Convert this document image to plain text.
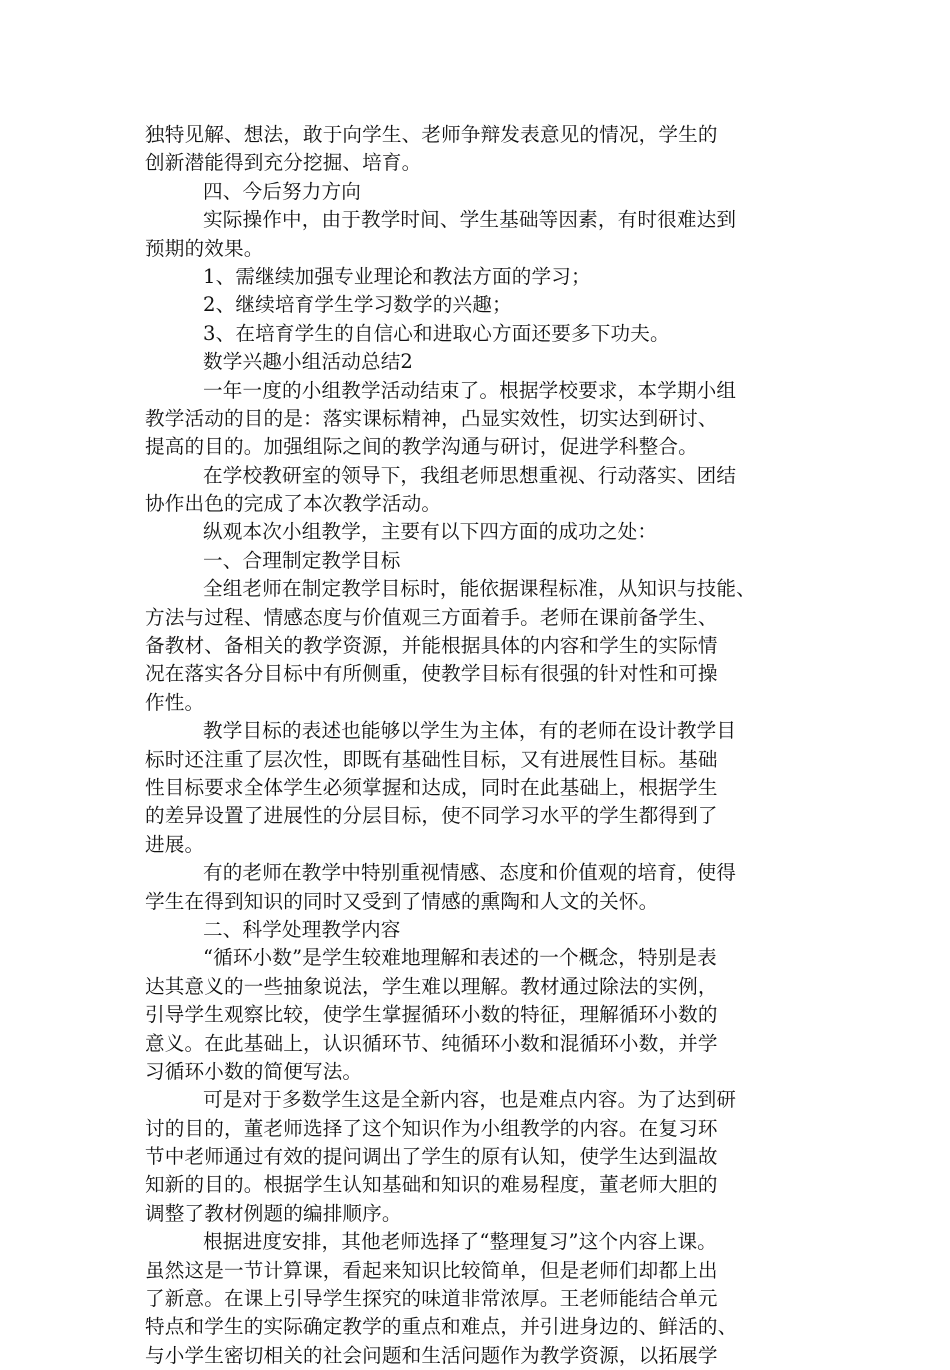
独特见解、想法，敢于向学生、老师争辩发表意见的情况，学生的
创新潜能得到充分挖掘、培育。
四、今后努力方向
实际操作中，由于教学时间、学生基础等因素，有时很难达到
预期的效果。
1、需继续加强专业理论和教法方面的学习；
2、继续培育学生学习数学的兴趣；
3、在培育学生的自信心和进取心方面还要多下功夫。
数学兴趣小组活动总结2
一年一度的小组教学活动结束了。根据学校要求，本学期小组
教学活动的目的是：落实课标精神，凸显实效性，切实达到研讨、
提高的目的。加强组际之间的教学沟通与研讨，促进学科整合。
在学校教研室的领导下，我组老师思想重视、行动落实、团结
协作出色的完成了本次教学活动。
纵观本次小组教学，主要有以下四方面的成功之处：
一、合理制定教学目标
全组老师在制定教学目标时，能依据课程标准，从知识与技能、
方法与过程、情感态度与价值观三方面着手。老师在课前备学生、
备教材、备相关的教学资源，并能根据具体的内容和学生的实际情
况在落实各分目标中有所侧重，使教学目标有很强的针对性和可操
作性。
教学目标的表述也能够以学生为主体，有的老师在设计教学目
标时还注重了层次性，即既有基础性目标，又有进展性目标。基础
性目标要求全体学生必须掌握和达成，同时在此基础上，根据学生
的差异设置了进展性的分层目标，使不同学习水平的学生都得到了
进展。
有的老师在教学中特别重视情感、态度和价值观的培育，使得
学生在得到知识的同时又受到了情感的熏陶和人文的关怀。
二、科学处理教学内容
“循环小数”是学生较难地理解和表述的一个概念，特别是表
达其意义的一些抽象说法，学生难以理解。教材通过除法的实例，
引导学生观察比较，使学生掌握循环小数的特征，理解循环小数的
意义。在此基础上，认识循环节、纯循环小数和混循环小数，并学
习循环小数的简便写法。
可是对于多数学生这是全新内容，也是难点内容。为了达到研
讨的目的，董老师选择了这个知识作为小组教学的内容。在复习环
节中老师通过有效的提问调出了学生的原有认知，使学生达到温故
知新的目的。根据学生认知基础和知识的难易程度，董老师大胆的
调整了教材例题的编排顺序。
根据进度安排，其他老师选择了“整理复习”这个内容上课。
虽然这是一节计算课，看起来知识比较简单，但是老师们却都上出
了新意。在课上引导学生探究的味道非常浓厚。王老师能结合单元
特点和学生的实际确定教学的重点和难点，并引进身边的、鲜活的、
与小学生密切相关的社会问题和生活问题作为教学资源，以拓展学
